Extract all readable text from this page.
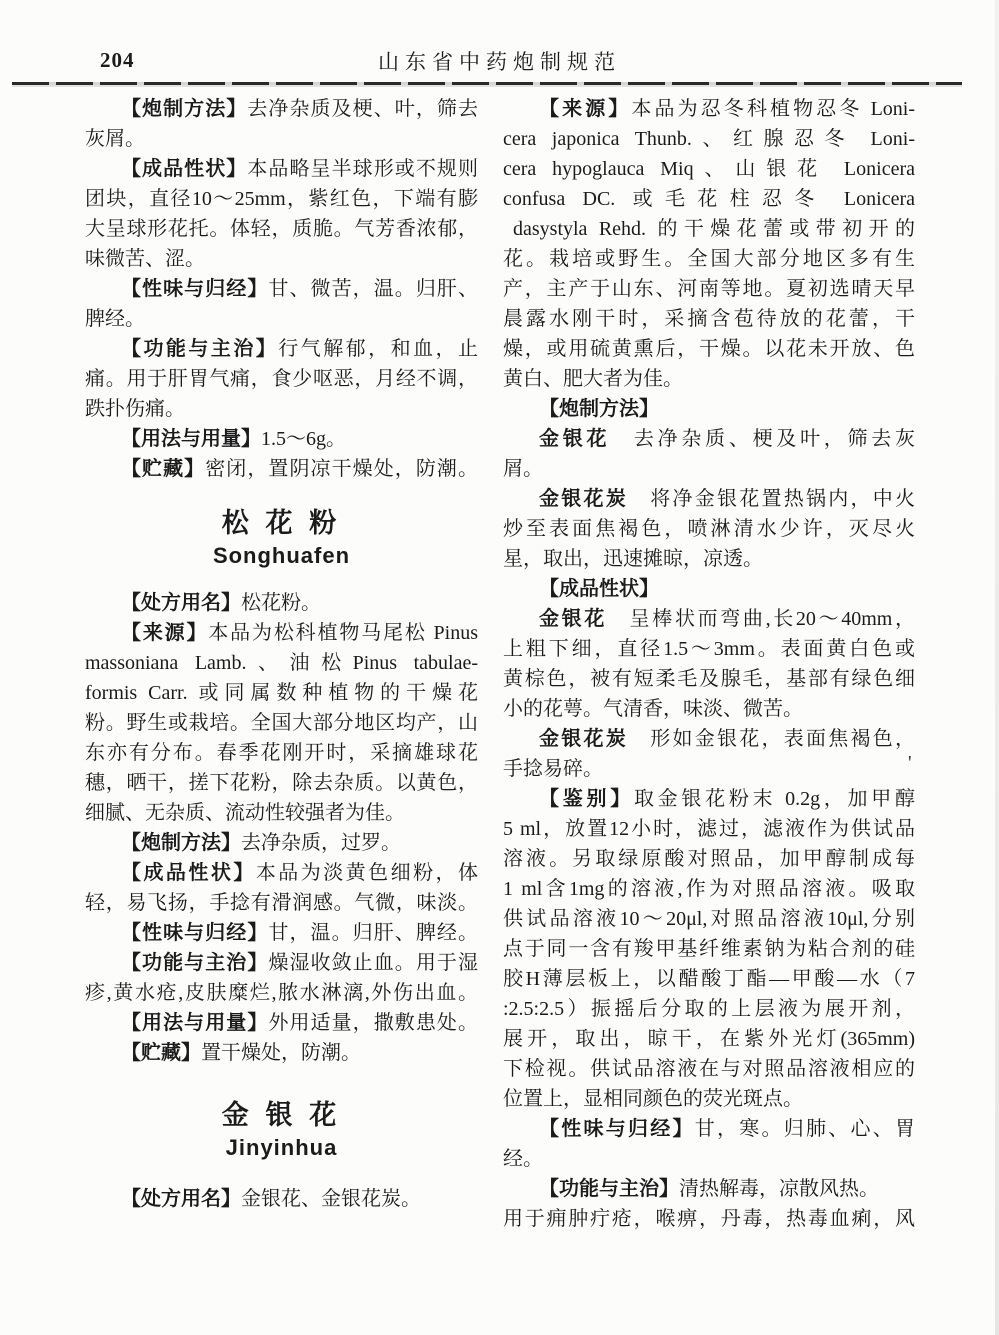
204	山东省中药炮制规范
【炮制方法】去净杂质及梗、叶，筛去
灰屑。
【成品性状】本品略呈半球形或不规则
团块，直径10～25mm，紫红色，下端有膨
大呈球形花托。体轻，质脆。气芳香浓郁，
味微苦、涩。
【性味与归经】甘、微苦，温。归肝、
脾经。
【功能与主治】行气解郁，和血，止
痛。用于肝胃气痛，食少呕恶，月经不调，
跌扑伤痛。
【用法与用量】1.5～6g。
【贮藏】密闭，置阴凉干燥处，防潮。
松 花 粉
Songhuafen
【处方用名】松花粉。
【来源】本品为松科植物马尾松 Pinus
massoniana Lamb.、油松Pinus tabulae-
formis Carr. 或同属数种植物的干燥花
粉。野生或栽培。全国大部分地区均产，山
东亦有分布。春季花刚开时，采摘雄球花
穗，晒干，搓下花粉，除去杂质。以黄色，
细腻、无杂质、流动性较强者为佳。
【炮制方法】去净杂质，过罗。
【成品性状】本品为淡黄色细粉，体
轻，易飞扬，手捻有滑润感。气微，味淡。
【性味与归经】甘，温。归肝、脾经。
【功能与主治】燥湿收敛止血。用于湿
疹,黄水疮,皮肤糜烂,脓水淋漓,外伤出血。
【用法与用量】外用适量，撒敷患处。
【贮藏】置干燥处，防潮。
金 银 花
Jinyinhua
【处方用名】金银花、金银花炭。
【来源】本品为忍冬科植物忍冬 Loni-
cera japonica Thunb.、红腺忍冬 Loni-
cera hypoglauca Miq、山银花 Lonicera
confusa DC. 或毛花柱忍冬 Lonicera
dasystyla Rehd. 的干燥花蕾或带初开的
花。栽培或野生。全国大部分地区多有生
产，主产于山东、河南等地。夏初选晴天早
晨露水刚干时，采摘含苞待放的花蕾，干
燥，或用硫黄熏后，干燥。以花未开放、色
黄白、肥大者为佳。
【炮制方法】
金银花　去净杂质、梗及叶，筛去灰
屑。
金银花炭　将净金银花置热锅内，中火
炒至表面焦褐色，喷淋清水少许，灭尽火
星，取出，迅速摊晾，凉透。
【成品性状】
金银花　呈棒状而弯曲,长20～40mm，
上粗下细，直径1.5～3mm。表面黄白色或
黄棕色，被有短柔毛及腺毛，基部有绿色细
小的花萼。气清香，味淡、微苦。
金银花炭　形如金银花，表面焦褐色，
手捻易碎。
【鉴别】取金银花粉末 0.2g，加甲醇
5 ml，放置12小时，滤过，滤液作为供试品
溶液。另取绿原酸对照品，加甲醇制成每
1 ml含1mg的溶液,作为对照品溶液。吸取
供试品溶液10～20μl,对照品溶液10μl,分别
点于同一含有羧甲基纤维素钠为粘合剂的硅
胶H薄层板上，以醋酸丁酯—甲酸—水（7
:2.5:2.5）振摇后分取的上层液为展开剂，
展开，取出，晾干，在紫外光灯(365mm)
下检视。供试品溶液在与对照品溶液相应的
位置上，显相同颜色的荧光斑点。
【性味与归经】甘，寒。归肺、心、胃
经。
【功能与主治】清热解毒，凉散风热。
用于痈肿疔疮，喉痹，丹毒，热毒血痢，风
'
